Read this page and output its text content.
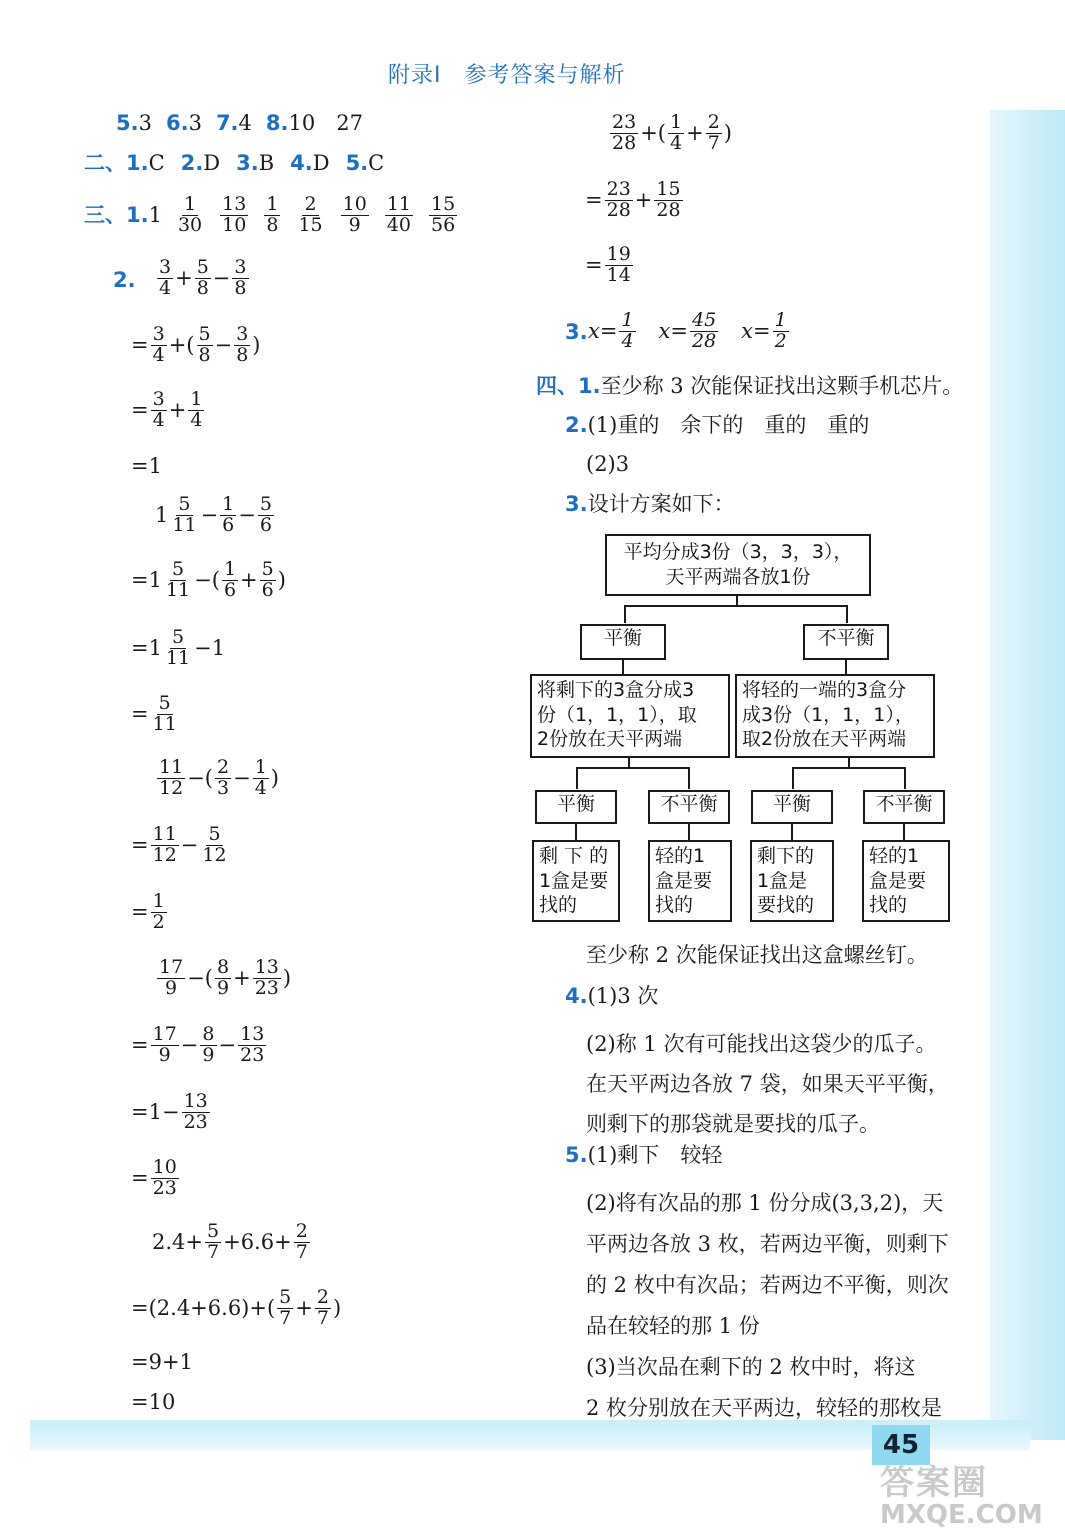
附录Ⅰ　参考答案与解析
5.3 6.3 7.4 8.10　27
二、1.C 2.D 3.B 4.D 5.C
三、$1.1 \frac{1}{30} \frac{13}{10} \frac{1}{8} \frac{2}{15} \frac{10}{9} \frac{11}{40} \frac{15}{56}$
2. $\frac{3}{4} + \frac{5}{8} - \frac{3}{8}$
= $\frac{3}{4}$ +( $\frac{5}{8} - \frac{3}{8}$ )
= $\frac{3}{4} + \frac{1}{4}$
=1
$1 \frac{5}{11} - \frac{1}{6} - \frac{5}{6}$
$=1 \frac{5}{11}$ −( $\frac{1}{6} + \frac{5}{6}$ )
$=1 \frac{5}{11} -1$
= $\frac{5}{11}$
$\frac{11}{12}$ −( $\frac{2}{3} - \frac{1}{4}$ )
= $\frac{11}{12} - \frac{5}{12}$
= $\frac{1}{2}$
$\frac{17}{9}$ −( $\frac{8}{9} + \frac{13}{23}$ )
= $\frac{17}{9} - \frac{8}{9} - \frac{13}{23}$
$=1- \frac{13}{23}$
= $\frac{10}{23}$
$2.4+ \frac{5}{7} +6.6+ \frac{2}{7}$
$=(2.4+6.6)+( \frac{5}{7} + \frac{2}{7}$ )
=9+1
=10
$\frac{23}{28}$ +( $\frac{1}{4} + \frac{2}{7}$ )
= $\frac{23}{28} + \frac{15}{28}$
= $\frac{19}{14}$
3. $x= \frac{1}{4}$ 　$x= \frac{45}{28}$ 　$x= \frac{1}{2}$
四、1.至少称 3 次能保证找出这颗手机芯片。
2.(1)重的　余下的　重的　重的
(2)3
3.设计方案如下：
平均分成3份（3，3，3），
天平两端各放1份
平衡	不平衡
将剩下的3盒分成3
份（1，1，1），取
2份放在天平两端
将轻的一端的3盒分
成3份（1，1，1），
取2份放在天平两端
平衡	不平衡	平衡	不平衡
剩 下 的
1盒是要
找的
轻的1
盒是要
找的
剩下的
1盒是
要找的
轻的1
盒是要
找的
至少称 2 次能保证找出这盒螺丝钉。
4.(1)3 次
(2)称 1 次有可能找出这袋少的瓜子。
在天平两边各放 7 袋，如果天平平衡，
则剩下的那袋就是要找的瓜子。
5.(1)剩下　较轻
(2)将有次品的那 1 份分成(3,3,2)，天
平两边各放 3 枚，若两边平衡，则剩下
的 2 枚中有次品；若两边不平衡，则次
品在较轻的那 1 份
(3)当次品在剩下的 2 枚中时，将这
2 枚分别放在天平两边，较轻的那枚是
45
答案圈
MXQE.COM
